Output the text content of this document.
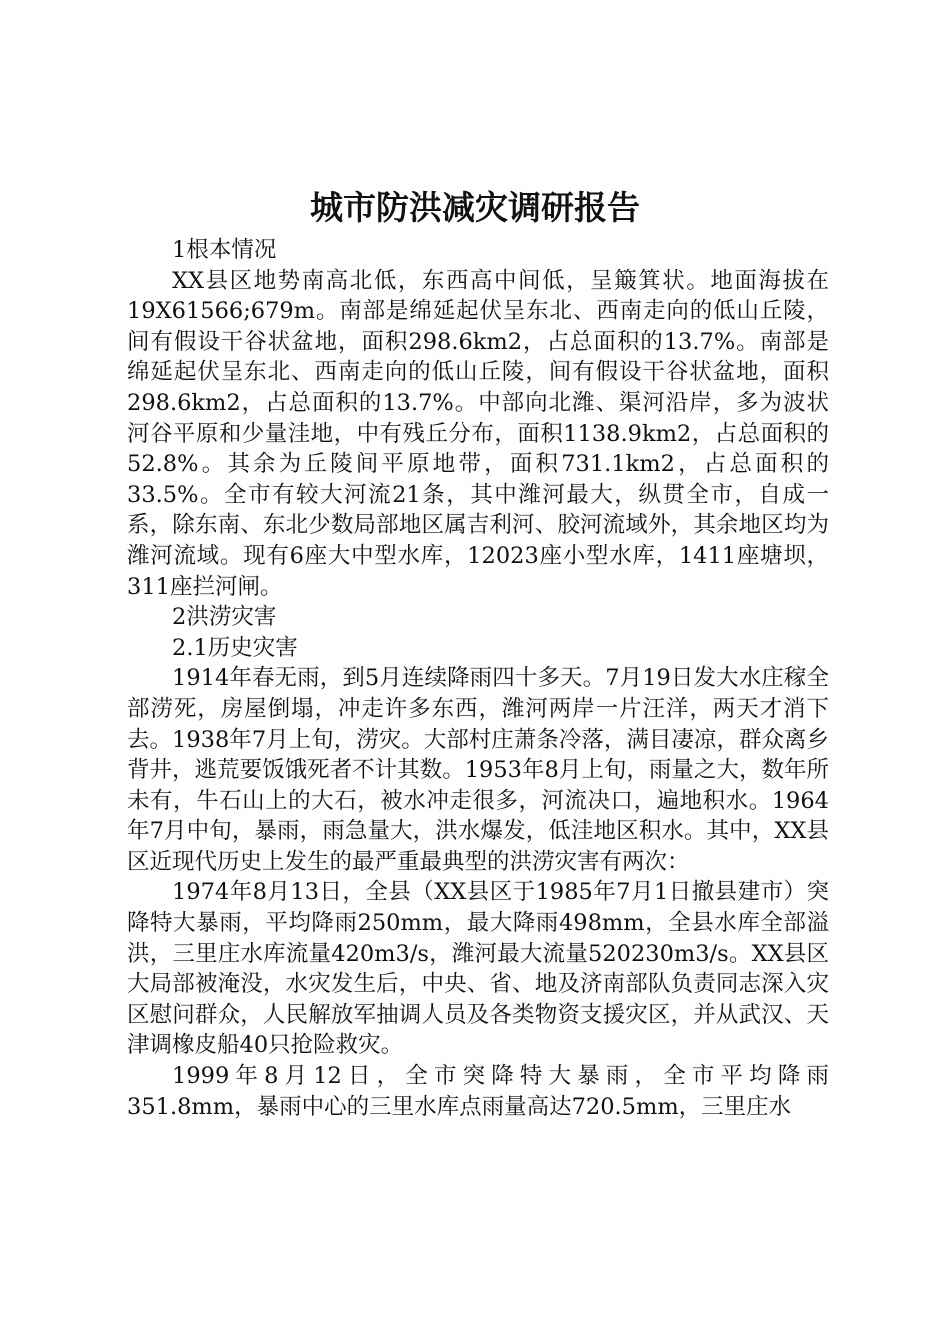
城市防洪减灾调研报告

1根本情况

XX县区地势南高北低，东西高中间低，呈簸箕状。地面海拔在19X61566;679m。南部是绵延起伏呈东北、西南走向的低山丘陵，间有假设干谷状盆地，面积298.6km2，占总面积的13.7%。南部是绵延起伏呈东北、西南走向的低山丘陵，间有假设干谷状盆地，面积298.6km2，占总面积的13.7%。中部向北潍、渠河沿岸，多为波状河谷平原和少量洼地，中有残丘分布，面积1138.9km2，占总面积的52.8%。其余为丘陵间平原地带，面积731.1km2，占总面积的33.5%。全市有较大河流21条，其中潍河最大，纵贯全市，自成一系，除东南、东北少数局部地区属吉利河、胶河流域外，其余地区均为潍河流域。现有6座大中型水库，12023座小型水库，1411座塘坝，311座拦河闸。

2洪涝灾害

2.1历史灾害

1914年春无雨，到5月连续降雨四十多天。7月19日发大水庄稼全部涝死，房屋倒塌，冲走许多东西，潍河两岸一片汪洋，两天才消下去。1938年7月上旬，涝灾。大部村庄萧条冷落，满目凄凉，群众离乡背井，逃荒要饭饿死者不计其数。1953年8月上旬，雨量之大，数年所未有，牛石山上的大石，被水冲走很多，河流决口，遍地积水。1964年7月中旬，暴雨，雨急量大，洪水爆发，低洼地区积水。其中，XX县区近现代历史上发生的最严重最典型的洪涝灾害有两次：

1974年8月13日，全县（XX县区于1985年7月1日撤县建市）突降特大暴雨，平均降雨250mm，最大降雨498mm，全县水库全部溢洪，三里庄水库流量420m3/s，潍河最大流量520230m3/s。XX县区大局部被淹没，水灾发生后，中央、省、地及济南部队负责同志深入灾区慰问群众，人民解放军抽调人员及各类物资支援灾区，并从武汉、天津调橡皮船40只抢险救灾。

1999年8月12日，全市突降特大暴雨，全市平均降雨351.8mm，暴雨中心的三里水库点雨量高达720.5mm，三里庄水
